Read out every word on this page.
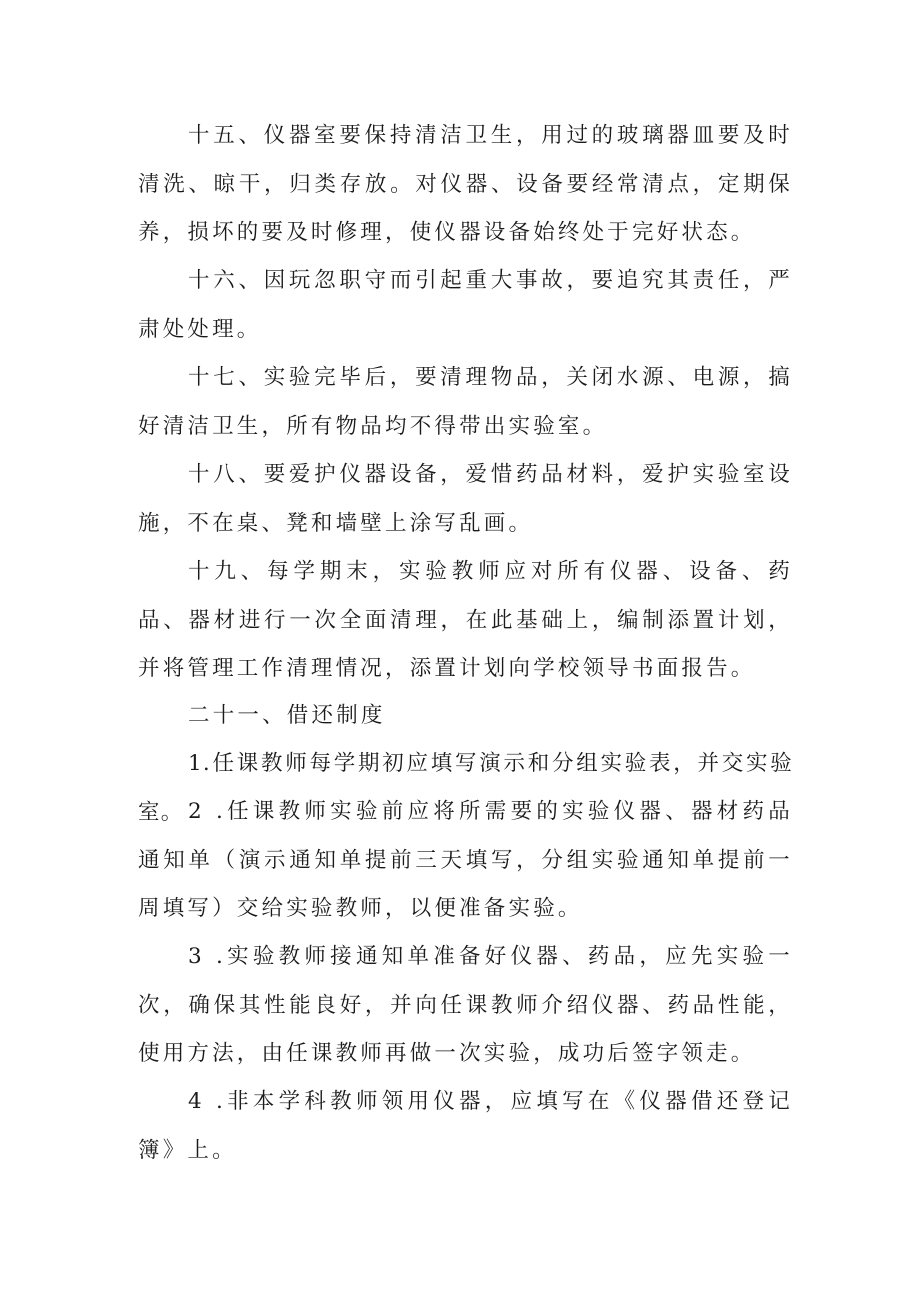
十五、仪器室要保持清洁卫生，用过的玻璃器皿要及时清洗、晾干，归类存放。对仪器、设备要经常清点，定期保养，损坏的要及时修理，使仪器设备始终处于完好状态。

十六、因玩忽职守而引起重大事故，要追究其责任，严肃处处理。

十七、实验完毕后，要清理物品，关闭水源、电源，搞好清洁卫生，所有物品均不得带出实验室。

十八、要爱护仪器设备，爱惜药品材料，爱护实验室设施，不在桌、凳和墙壁上涂写乱画。

十九、每学期末，实验教师应对所有仪器、设备、药品、器材进行一次全面清理，在此基础上，编制添置计划，并将管理工作清理情况，添置计划向学校领导书面报告。

二十一、借还制度

1.任课教师每学期初应填写演示和分组实验表，并交实验室。 2 .任课教师实验前应将所需要的实验仪器、器材药品通知单（演示通知单提前三天填写，分组实验通知单提前一周填写）交给实验教师，以便准备实验。

3 .实验教师接通知单准备好仪器、药品，应先实验一次，确保其性能良好，并向任课教师介绍仪器、药品性能，使用方法，由任课教师再做一次实验，成功后签字领走。

4 .非本学科教师领用仪器，应填写在《仪器借还登记簿》上。
